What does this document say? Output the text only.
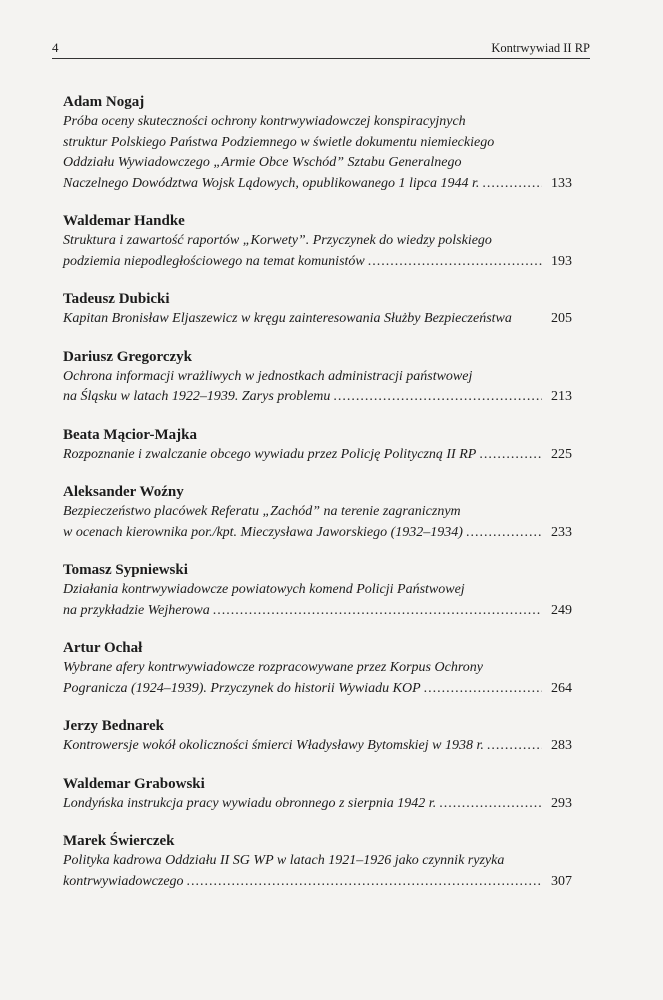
4	Kontrwywiad II RP
Adam Nogaj
Próba oceny skuteczności ochrony kontrwywiadowczej konspiracyjnych
struktur Polskiego Państwa Podziemnego w świetle dokumentu niemieckiego
Oddziału Wywiadowczego „Armie Obce Wschód” Sztabu Generalnego
Naczelnego Dowództwa Wojsk Lądowych, opublikowanego 1 lipca 1944 r. .....	133
Waldemar Handke
Struktura i zawartość raportów „Korwety”. Przyczynek do wiedzy polskiego
podziemia niepodległościowego na temat komunistów .....	193
Tadeusz Dubicki
Kapitan Bronisław Eljaszewicz w kręgu zainteresowania Służby Bezpieczeństwa	205
Dariusz Gregorczyk
Ochrona informacji wrażliwych w jednostkach administracji państwowej
na Śląsku w latach 1922–1939. Zarys problemu .....	213
Beata Mącior-Majka
Rozpoznanie i zwalczanie obcego wywiadu przez Policję Polityczną II RP .....	225
Aleksander Woźny
Bezpieczeństwo placówek Referatu „Zachód” na terenie zagranicznym
w ocenach kierownika por./kpt. Mieczysława Jaworskiego (1932–1934) .....	233
Tomasz Sypniewski
Działania kontrwywiadowcze powiatowych komend Policji Państwowej
na przykładzie Wejherowa .....	249
Artur Ochał
Wybrane afery kontrwywiadowcze rozpracowywane przez Korpus Ochrony
Pogranicza (1924–1939). Przyczynek do historii Wywiadu KOP .....	264
Jerzy Bednarek
Kontrowersje wokół okoliczności śmierci Władysławy Bytomskiej w 1938 r. .....	283
Waldemar Grabowski
Londyńska instrukcja pracy wywiadu obronnego z sierpnia 1942 r. .....	293
Marek Świerczek
Polityka kadrowa Oddziału II SG WP w latach 1921–1926 jako czynnik ryzyka
kontrwywiadowczego .....	307
